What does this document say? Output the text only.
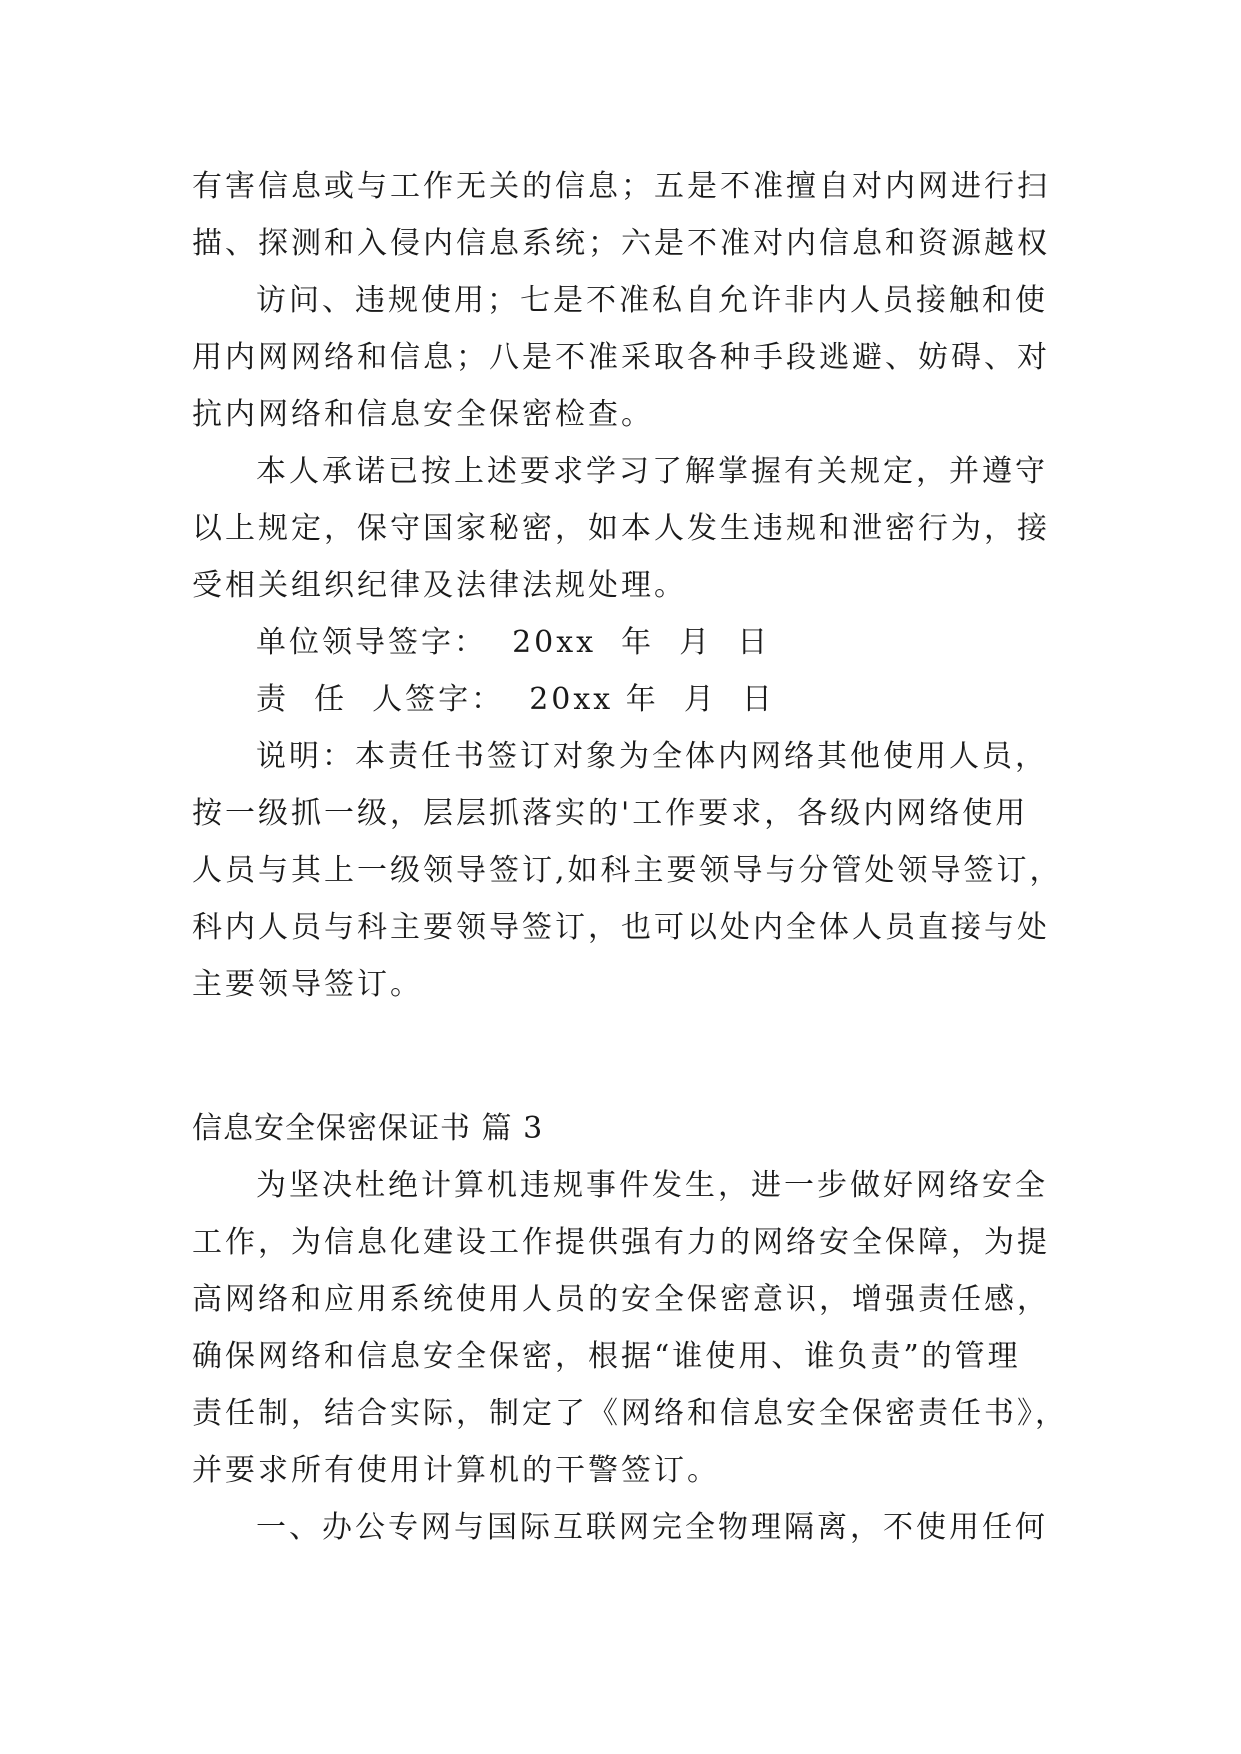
有害信息或与工作无关的信息；五是不准擅自对内网进行扫
描、探测和入侵内信息系统；六是不准对内信息和资源越权
访问、违规使用；七是不准私自允许非内人员接触和使
用内网网络和信息；八是不准采取各种手段逃避、妨碍、对
抗内网络和信息安全保密检查。
本人承诺已按上述要求学习了解掌握有关规定，并遵守
以上规定，保守国家秘密，如本人发生违规和泄密行为，接
受相关组织纪律及法律法规处理。
单位领导签字：  20xx  年  月  日
责  任  人签字：  20xx 年  月  日
说明：本责任书签订对象为全体内网络其他使用人员，
按一级抓一级，层层抓落实的'工作要求，各级内网络使用
人员与其上一级领导签订,如科主要领导与分管处领导签订，
科内人员与科主要领导签订，也可以处内全体人员直接与处
主要领导签订。
信息安全保密保证书 篇 3
为坚决杜绝计算机违规事件发生，进一步做好网络安全
工作，为信息化建设工作提供强有力的网络安全保障，为提
高网络和应用系统使用人员的安全保密意识，增强责任感，
确保网络和信息安全保密，根据“谁使用、谁负责”的管理
责任制，结合实际，制定了《网络和信息安全保密责任书》，
并要求所有使用计算机的干警签订。
一、办公专网与国际互联网完全物理隔离，不使用任何
